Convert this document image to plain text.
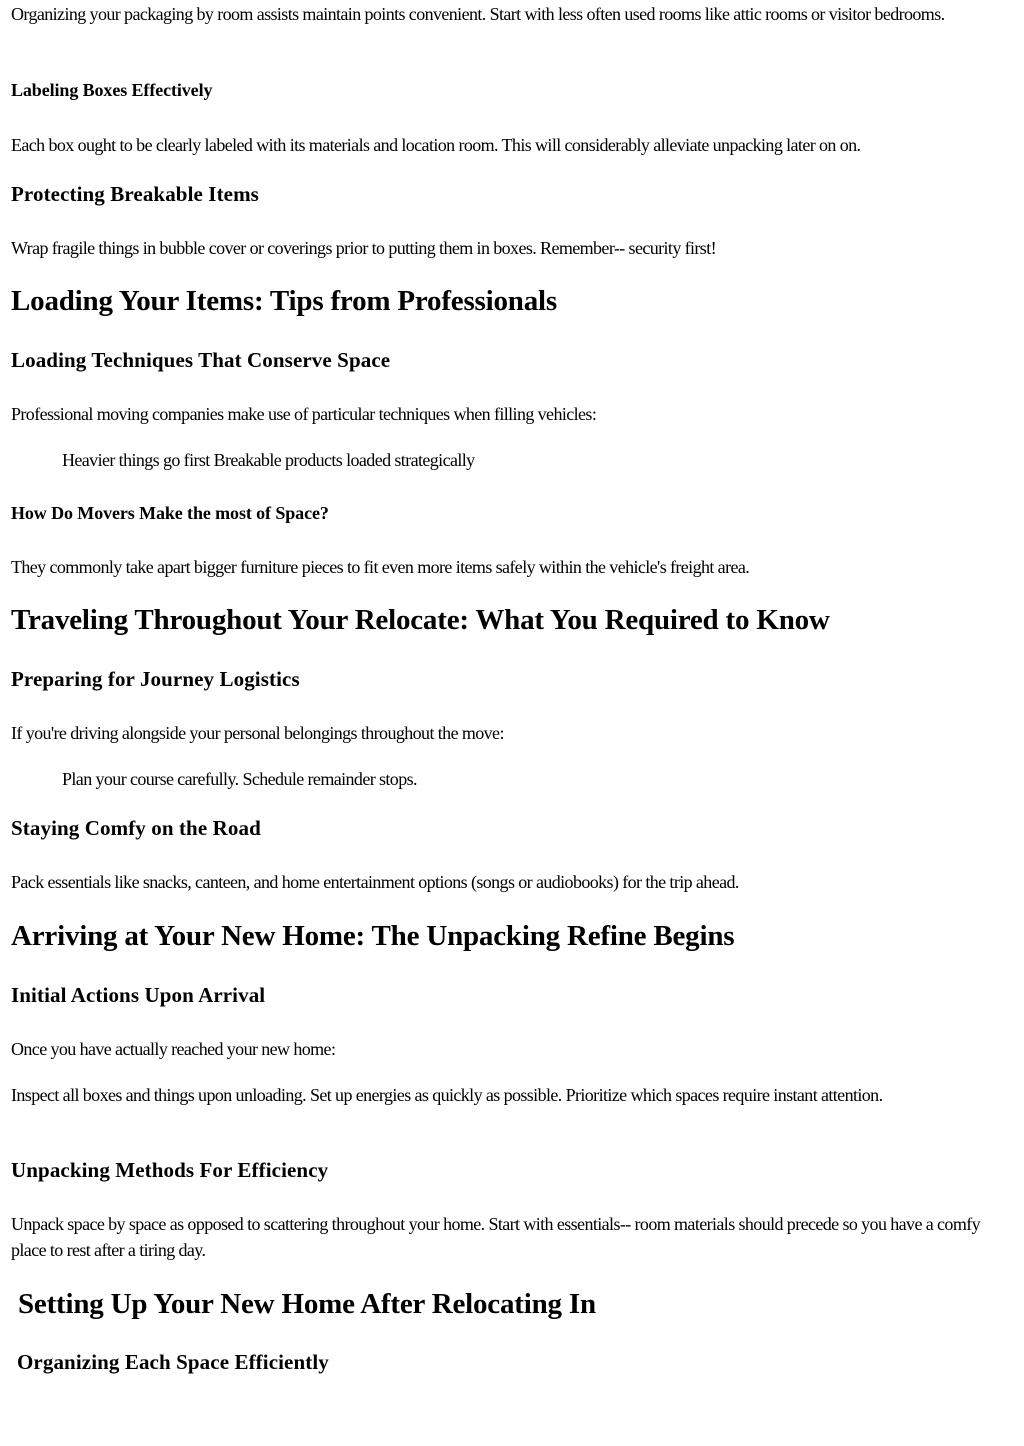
Organizing your packaging by room assists maintain points convenient. Start with less often used rooms like attic rooms or visitor bedrooms.

Labeling Boxes Effectively

Each box ought to be clearly labeled with its materials and location room. This will considerably alleviate unpacking later on on.

Protecting Breakable Items

Wrap fragile things in bubble cover or coverings prior to putting them in boxes. Remember-- security first!

Loading Your Items: Tips from Professionals
Loading Techniques That Conserve Space

Professional moving companies make use of particular techniques when filling vehicles:

Heavier things go first Breakable products loaded strategically

How Do Movers Make the most of Space?

They commonly take apart bigger furniture pieces to fit even more items safely within the vehicle's freight area.

Traveling Throughout Your Relocate: What You Required to Know
Preparing for Journey Logistics

If you're driving alongside your personal belongings throughout the move:

Plan your course carefully. Schedule remainder stops.

Staying Comfy on the Road

Pack essentials like snacks, canteen, and home entertainment options (songs or audiobooks) for the trip ahead.

Arriving at Your New Home: The Unpacking Refine Begins
Initial Actions Upon Arrival

Once you have actually reached your new home:

Inspect all boxes and things upon unloading. Set up energies as quickly as possible. Prioritize which spaces require instant attention.

Unpacking Methods For Efficiency

Unpack space by space as opposed to scattering throughout your home. Start with essentials-- room materials should precede so you have a comfy place to rest after a tiring day.

Setting Up Your New Home After Relocating In
Organizing Each Space Efficiently
